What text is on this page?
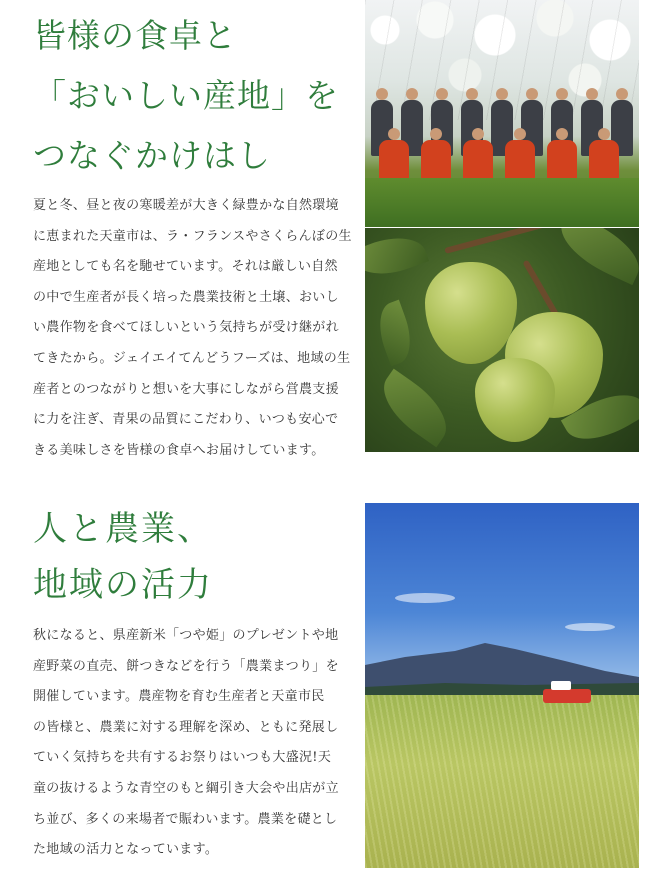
皆様の食卓と
「おいしい産地」を
つなぐかけはし

夏と冬、昼と夜の寒暖差が大きく緑豊かな自然環境
に恵まれた天童市は、ラ・フランスやさくらんぼの生
産地としても名を馳せています。それは厳しい自然
の中で生産者が長く培った農業技術と土壌、おいし
い農作物を食べてほしいという気持ちが受け継がれ
てきたから。ジェイエイてんどうフーズは、地域の生
産者とのつながりと想いを大事にしながら営農支援
に力を注ぎ、青果の品質にこだわり、いつも安心で
きる美味しさを皆様の食卓へお届けしています。

人と農業、
地域の活力

秋になると、県産新米「つや姫」のプレゼントや地
産野菜の直売、餅つきなどを行う「農業まつり」を
開催しています。農産物を育む生産者と天童市民
の皆様と、農業に対する理解を深め、ともに発展し
ていく気持ちを共有するお祭りはいつも大盛況!天
童の抜けるような青空のもと綱引き大会や出店が立
ち並び、多くの来場者で賑わいます。農業を礎とし
た地域の活力となっています。
